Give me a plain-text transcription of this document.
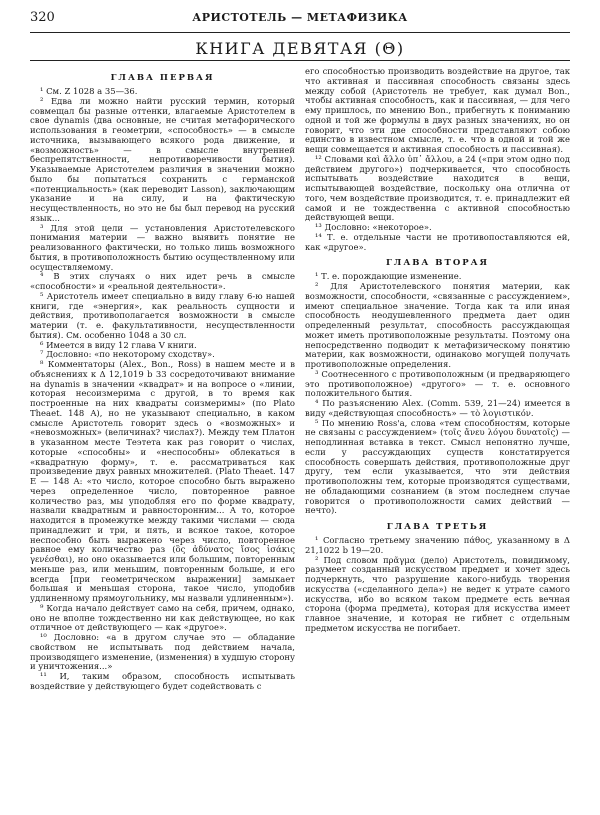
320	АРИСТОТЕЛЬ — МЕТАФИЗИКА
КНИГА ДЕВЯТАЯ (Θ)
ГЛАВА ПЕРВАЯ

¹ См. Z 1028 a 35—36.

² Едва ли можно найти русский термин, который совмещал бы разные оттенки, влагаемые Аристотелем в свое dynamis (два основные, не считая метафорического использования в геометрии, «способность» — в смысле источника, вызывающего всякого рода движение, и «возможность» — в смысле внутренней беспрепятственности, непротиворечивости бытия). Указываемые Аристотелем различия в значении можно было бы попытаться сохранить с германской «потенциальность» (как переводит Lasson), заключающим указание и на силу, и на фактическую несуществленность, но это не бы был перевод на русский язык...

³ Для этой цели — установления Аристотелевского понимания материи — важно выявить понятие не реализованного фактически, но только лишь возможного бытия, в противоположность бытию осуществленному или осуществляемому.

⁴ В этих случаях о них идет речь в смысле «способности» и «реальной деятельности».

⁵ Аристотель имеет специально в виду главу 6-ю нашей книги, где «энергия», как реальность сущности и действия, противополагается возможности в смысле материи (т. е. факультативности, несуществленности бытия). См. особенно 1048 a 30 сл.

⁶ Имеется в виду 12 глава V книги.

⁷ Дословно: «по некоторому сходству».

⁸ Комментаторы (Alex., Bon., Ross) в нашем месте и в объяснениях к Δ 12,1019 b 33 сосредоточивают внимание на dynamis в значении «квадрат» и на вопросе о «линии, которая несоизмерима с другой, в то время как построенные на них квадраты соизмеримы» (по Plato Theaet. 148 A), но не указывают специально, в каком смысле Аристотель говорит здесь о «возможных» и «невозможных» (величинах? числах?). Между тем Платон в указанном месте Теэтета как раз говорит о числах, которые «способны» и «неспособны» облекаться в «квадратную форму», т. е. рассматриваться как произведение двух равных множителей. (Plato Theaet. 147 E — 148 A: «то число, которое способно быть выражено через определенное число, повторенное равное количество раз, мы уподобляя его по форме квадрату, назвали квадратным и равносторонним... А то, которое находится в промежутке между такими числами — сюда принадлежит и три, и пять, и всякое такое, которое неспособно быть выражено через число, повторенное равное ему количество раз (ὃς ἀδύνατος ἴσος ἰσάκις γενέσθαι), но оно оказывается или большим, повторенным меньше раз, или меньшим, повторенным больше, и его всегда [при геометрическом выражении] замыкает большая и меньшая сторона, такое число, уподобив удлиненному прямоугольнику, мы назвали удлиненным»).

⁹ Когда начало действует само на себя, причем, однако, оно не вполне тождественно ни как действующее, но как отличное от действующего — как «другое».

¹⁰ Дословно: «а в другом случае это — обладание свойством не испытывать под действием начала, производящего изменение, (изменения) в худшую сторону и уничтожения...»

¹¹ И, таким образом, способность испытывать воздействие у действующего будет содействовать с

его способностью производить воздействие на другое, так что активная и пассивная способность связаны здесь между собой (Аристотель не требует, как думал Bon., чтобы активная способность, как и пассивная, — для чего ему пришлось, по мнению Bon., прибегнуть к пониманию одной и той же формулы в двух разных значениях, но он говорит, что эти две способности представляют собою единство в известном смысле, т. е. что в одной и той же вещи совмещается и активная способность и пассивная).

¹² Словами καὶ ἄλλο ὑπ᾿ ἄλλου, a 24 («при этом одно под действием другого») подчеркивается, что способность испытывать воздействие находится в вещи, испытывающей воздействие, поскольку она отлична от того, чем воздействие производится, т. е. принадлежит ей самой и не тождественна с активной способностью действующей вещи.

¹³ Дословно: «некоторое».

¹⁴ Т. е. отдельные части не противопоставляются ей, как «другое».

ГЛАВА ВТОРАЯ

¹ Т. е. порождающие изменение.

² Для Аристотелевского понятия материи, как возможности, способности, «связанные с рассуждением», имеют специальное значение. Тогда как та или иная способность неодушевленного предмета дает один определенный результат, способность рассуждающая может иметь противоположные результаты. Поэтому она непосредственно подводит к метафизическому понятию материи, как возможности, одинаково могущей получать противоположные определения.

³ Соотнесенного с противоположным (и предваряющего это противоположное) «другого» — т. е. основного положительного бытия.

⁴ По разъяснению Alex. (Comm. 539, 21—24) имеется в виду «действующая способность» — τὸ λογιστικόν.

⁵ По мнению Ross'а, слова «тем способностям, которые не связаны с рассуждением» (τοῖς ἄνευ λόγου δυνατοῖς) — неподлинная вставка в текст. Смысл непонятно лучше, если у рассуждающих существ констатируется способность совершать действия, противоположные друг другу, тем если указывается, что эти действия противоположны тем, которые производятся существами, не обладающими сознанием (в этом последнем случае говорится о противоположности самих действий — нечто).

ГЛАВА ТРЕТЬЯ

¹ Согласно третьему значению πάθος, указанному в Δ 21,1022 b 19—20.

² Под словом πρᾶγμα (дело) Аристотель, повидимому, разумеет созданный искусством предмет и хочет здесь подчеркнуть, что разрушение какого-нибудь творения искусства («сделанного дела») не ведет к утрате самого искусства, ибо во всяком таком предмете есть вечная сторона (форма предмета), которая для искусства имеет главное значение, и которая не гибнет с отдельным предметом искусства не погибает.
